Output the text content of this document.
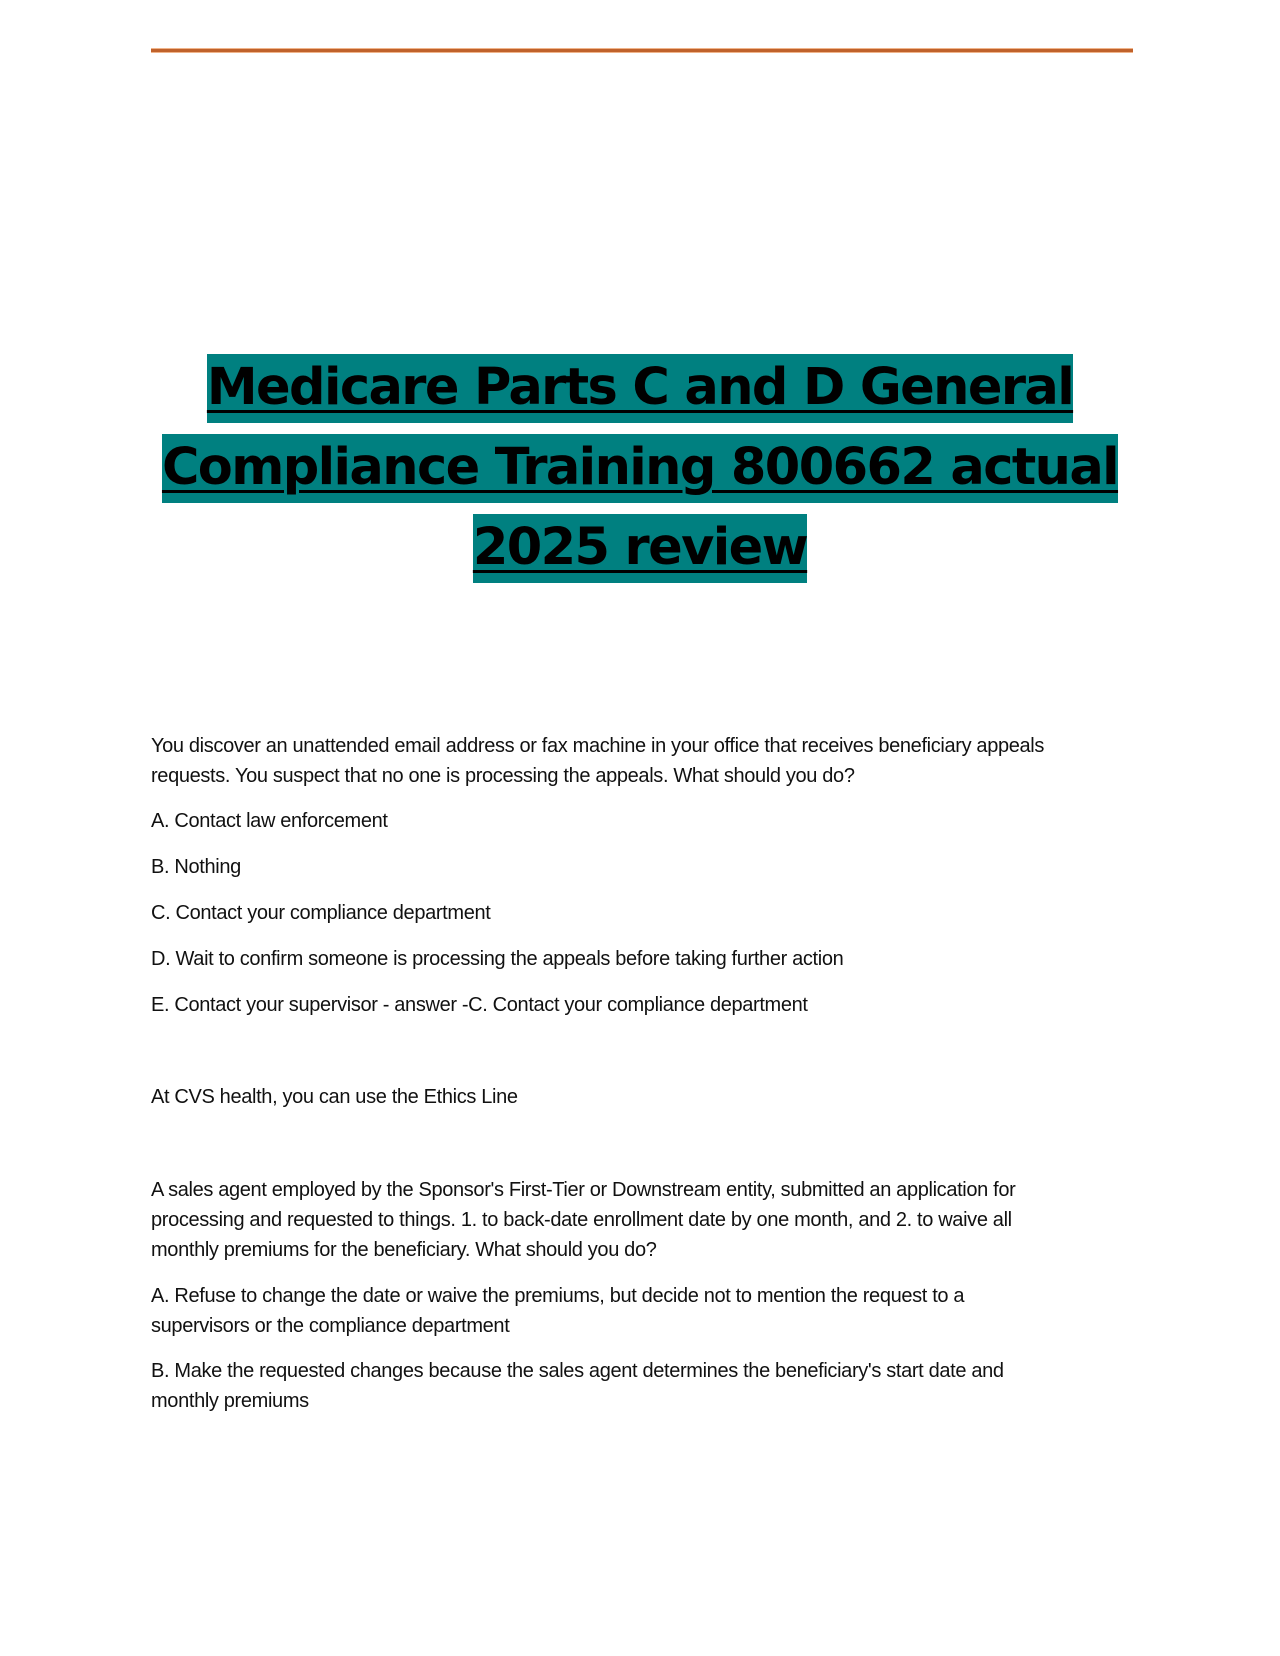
Medicare Parts C and D General
Compliance Training 800662 actual
2025 review

You discover an unattended email address or fax machine in your office that receives beneficiary appeals

requests. You suspect that no one is processing the appeals. What should you do?

A. Contact law enforcement
B. Nothing
C. Contact your compliance department
D. Wait to confirm someone is processing the appeals before taking further action
E. Contact your supervisor - answer -C. Contact your compliance department
At CVS health, you can use the Ethics Line

A sales agent employed by the Sponsor's First-Tier or Downstream entity, submitted an application for

processing and requested to things. 1. to back-date enrollment date by one month, and 2. to waive all

monthly premiums for the beneficiary. What should you do?

A. Refuse to change the date or waive the premiums, but decide not to mention the request to a

supervisors or the compliance department

B. Make the requested changes because the sales agent determines the beneficiary's start date and

monthly premiums
